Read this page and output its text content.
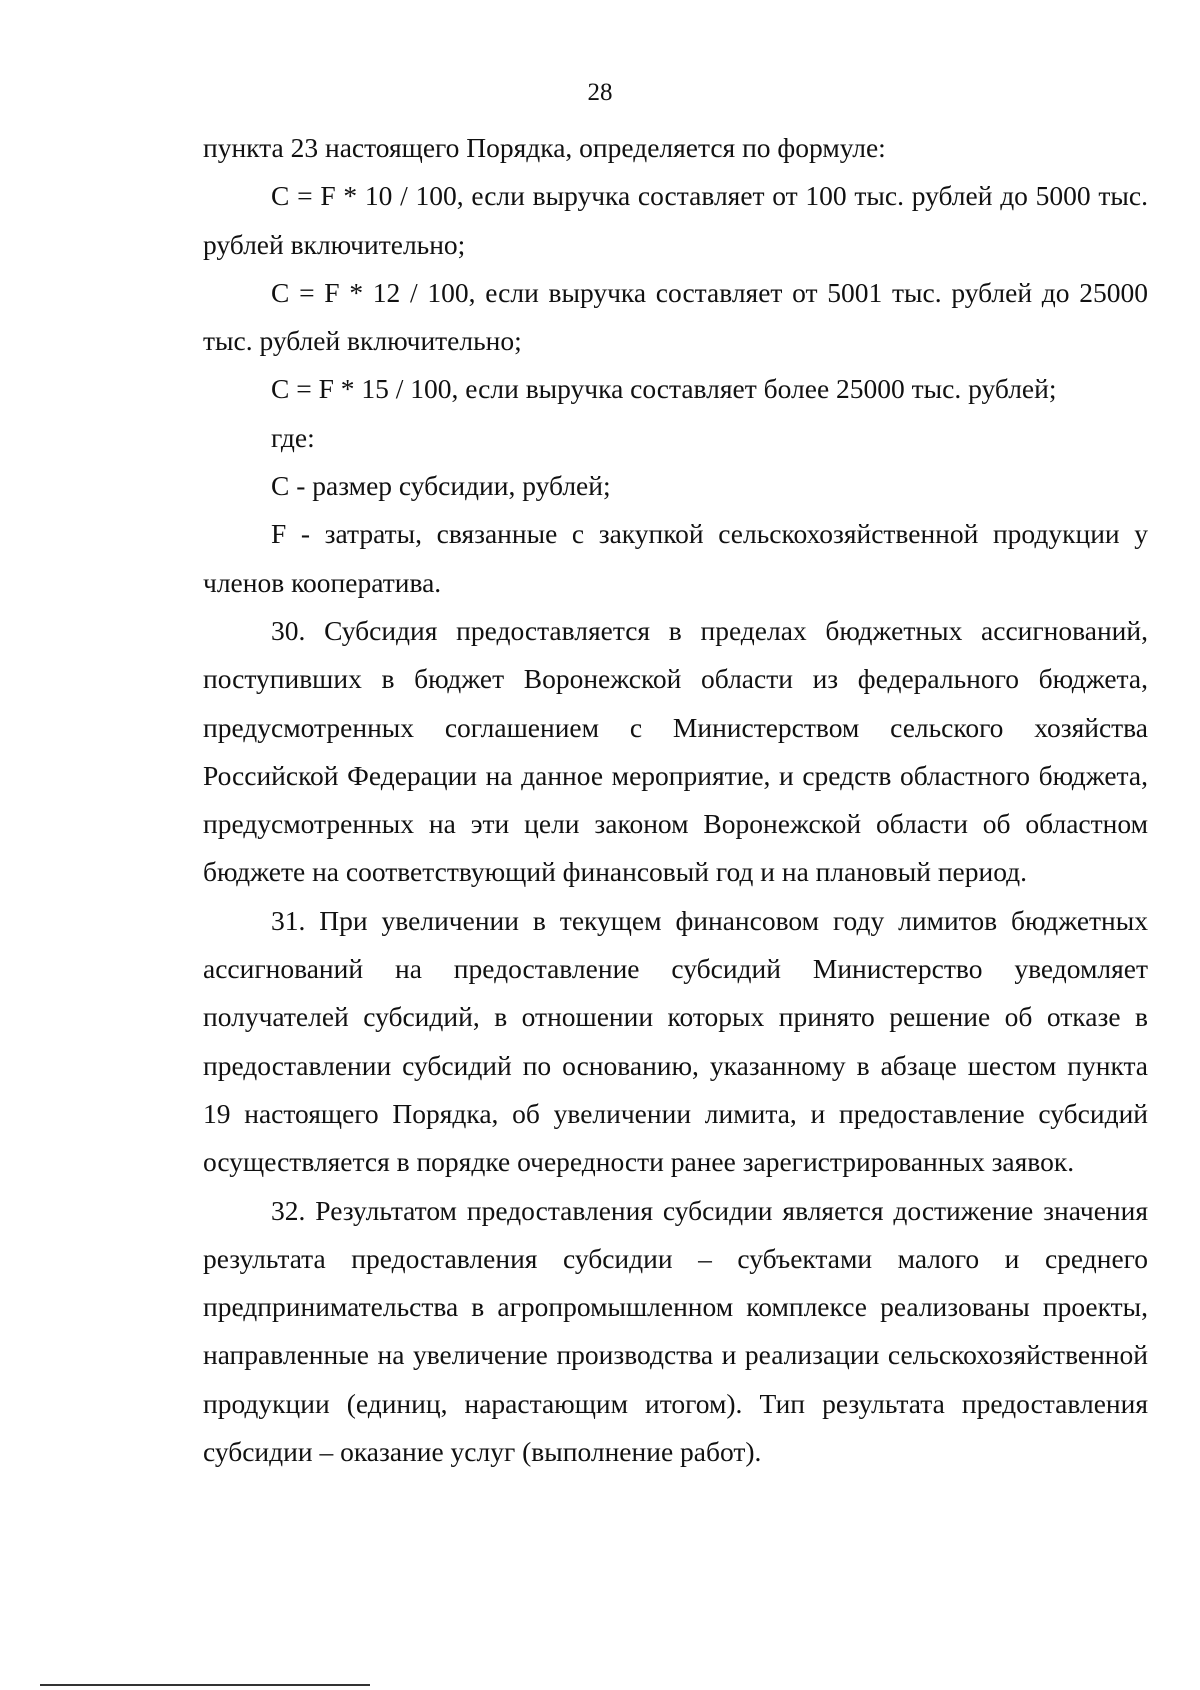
28

пункта 23 настоящего Порядка, определяется по формуле:

С = F * 10 / 100, если выручка составляет от 100 тыс. рублей до 5000 тыс. рублей включительно;

С = F * 12 / 100, если выручка составляет от 5001 тыс. рублей до 25000 тыс. рублей включительно;

С = F * 15 / 100, если выручка составляет более 25000 тыс. рублей;

где:

С - размер субсидии, рублей;

F - затраты, связанные с закупкой сельскохозяйственной продукции у членов кооператива.

30. Субсидия предоставляется в пределах бюджетных ассигнований, поступивших в бюджет Воронежской области из федерального бюджета, предусмотренных соглашением с Министерством сельского хозяйства Российской Федерации на данное мероприятие, и средств областного бюджета, предусмотренных на эти цели законом Воронежской области об областном бюджете на соответствующий финансовый год и на плановый период.

31. При увеличении в текущем финансовом году лимитов бюджетных ассигнований на предоставление субсидий Министерство уведомляет получателей субсидий, в отношении которых принято решение об отказе в предоставлении субсидий по основанию, указанному в абзаце шестом пункта 19 настоящего Порядка, об увеличении лимита, и предоставление субсидий осуществляется в порядке очередности ранее зарегистрированных заявок.

32. Результатом предоставления субсидии является достижение значения результата предоставления субсидии – субъектами малого и среднего предпринимательства в агропромышленном комплексе реализованы проекты, направленные на увеличение производства и реализации сельскохозяйственной продукции (единиц, нарастающим итогом). Тип результата предоставления субсидии – оказание услуг (выполнение работ).
